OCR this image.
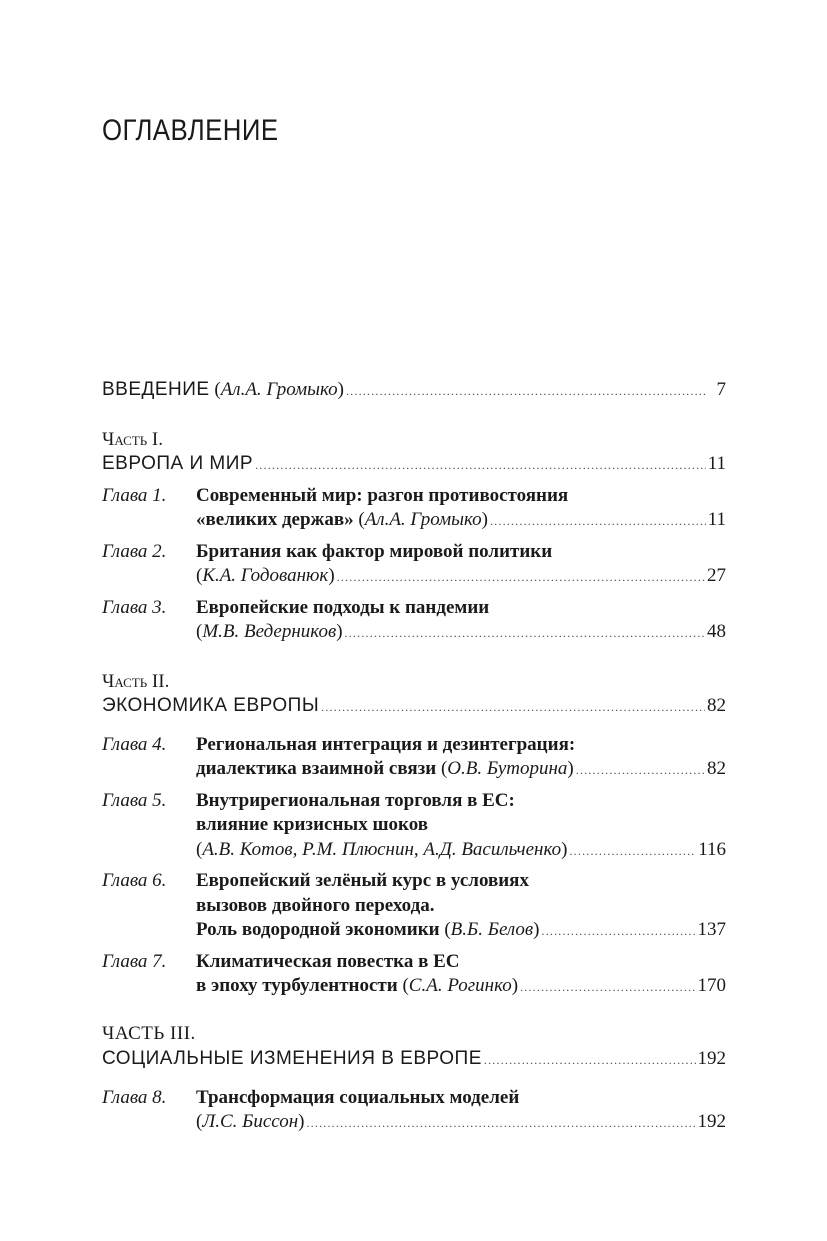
ОГЛАВЛЕНИЕ
ВВЕДЕНИЕ (Ал.А. Громыко) .....	7
Часть I.
ЕВРОПА И МИР .....	11
Глава 1. Современный мир: разгон противостояния
«великих держав» (Ал.А. Громыко) .....	11
Глава 2. Британия как фактор мировой политики
(К.А. Годованюк) .....	27
Глава 3. Европейские подходы к пандемии
(М.В. Ведерников) .....	48
Часть II.
ЭКОНОМИКА ЕВРОПЫ .....	82
Глава 4. Региональная интеграция и дезинтеграция:
диалектика взаимной связи (О.В. Буторина) .....	82
Глава 5. Внутрирегиональная торговля в ЕС:
влияние кризисных шоков
(А.В. Котов, Р.М. Плюснин, А.Д. Васильченко) .....	116
Глава 6. Европейский зелёный курс в условиях
вызовов двойного перехода.
Роль водородной экономики (В.Б. Белов) .....	137
Глава 7. Климатическая повестка в ЕС
в эпоху турбулентности (С.А. Рогинко) .....	170
ЧАСТЬ III.
СОЦИАЛЬНЫЕ ИЗМЕНЕНИЯ В ЕВРОПЕ .....	192
Глава 8. Трансформация социальных моделей
(Л.С. Биссон) .....	192
